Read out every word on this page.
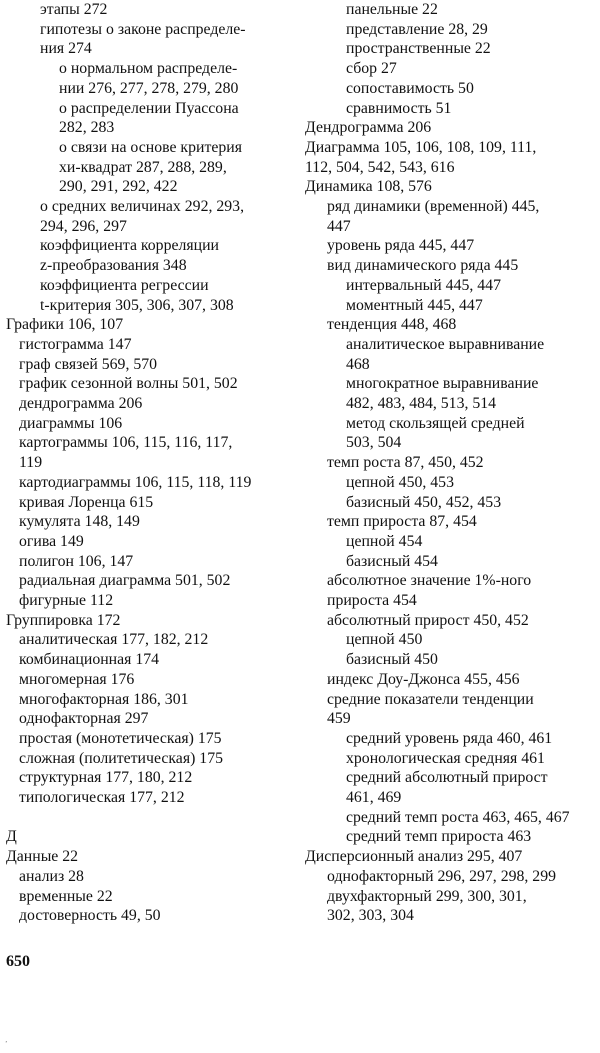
этапы 272
гипотезы о законе распределе-
ния 274
о нормальном распределе-
нии 276, 277, 278, 279, 280
о распределении Пуассона
282, 283
о связи на основе критерия
хи-квадрат 287, 288, 289,
290, 291, 292, 422
о средних величинах 292, 293,
294, 296, 297
коэффициента корреляции
z-преобразования 348
коэффициента регрессии
t-критерия 305, 306, 307, 308
Графики 106, 107
гистограмма 147
граф связей 569, 570
график сезонной волны 501, 502
дендрограмма 206
диаграммы 106
картограммы 106, 115, 116, 117,
119
картодиаграммы 106, 115, 118, 119
кривая Лоренца 615
кумулята 148, 149
огива 149
полигон 106, 147
радиальная диаграмма 501, 502
фигурные 112
Группировка 172
аналитическая 177, 182, 212
комбинационная 174
многомерная 176
многофакторная 186, 301
однофакторная 297
простая (монотетическая) 175
сложная (политетическая) 175
структурная 177, 180, 212
типологическая 177, 212
Д
Данные 22
анализ 28
временные 22
достоверность 49, 50
панельные 22
представление 28, 29
пространственные 22
сбор 27
сопоставимость 50
сравнимость 51
Дендрограмма 206
Диаграмма 105, 106, 108, 109, 111,
112, 504, 542, 543, 616
Динамика 108, 576
ряд динамики (временной) 445,
447
уровень ряда 445, 447
вид динамического ряда 445
интервальный 445, 447
моментный 445, 447
тенденция 448, 468
аналитическое выравнивание
468
многократное выравнивание
482, 483, 484, 513, 514
метод скользящей средней
503, 504
темп роста 87, 450, 452
цепной 450, 453
базисный 450, 452, 453
темп прироста 87, 454
цепной 454
базисный 454
абсолютное значение 1%-ного
прироста 454
абсолютный прирост 450, 452
цепной 450
базисный 450
индекс Доу-Джонса 455, 456
средние показатели тенденции
459
средний уровень ряда 460, 461
хронологическая средняя 461
средний абсолютный прирост
461, 469
средний темп роста 463, 465, 467
средний темп прироста 463
Дисперсионный анализ 295, 407
однофакторный 296, 297, 298, 299
двухфакторный 299, 300, 301,
302, 303, 304
650
ʼ
